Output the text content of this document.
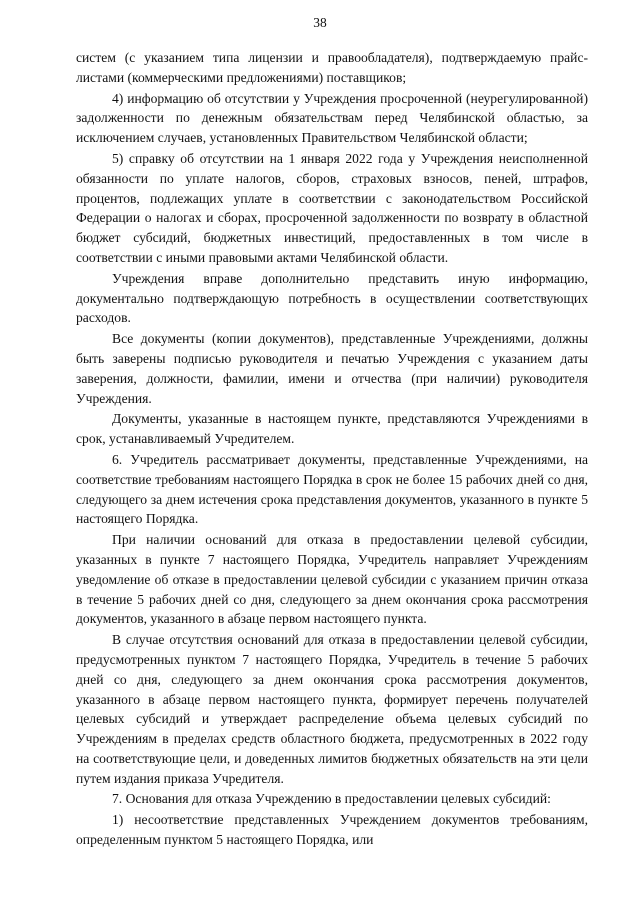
38

систем (с указанием типа лицензии и правообладателя), подтверждаемую прайс-листами (коммерческими предложениями) поставщиков;

4) информацию об отсутствии у Учреждения просроченной (неурегулированной) задолженности по денежным обязательствам перед Челябинской областью, за исключением случаев, установленных Правительством Челябинской области;

5) справку об отсутствии на 1 января 2022 года у Учреждения неисполненной обязанности по уплате налогов, сборов, страховых взносов, пеней, штрафов, процентов, подлежащих уплате в соответствии с законодательством Российской Федерации о налогах и сборах, просроченной задолженности по возврату в областной бюджет субсидий, бюджетных инвестиций, предоставленных в том числе в соответствии с иными правовыми актами Челябинской области.

Учреждения вправе дополнительно представить иную информацию, документально подтверждающую потребность в осуществлении соответствующих расходов.

Все документы (копии документов), представленные Учреждениями, должны быть заверены подписью руководителя и печатью Учреждения с указанием даты заверения, должности, фамилии, имени и отчества (при наличии) руководителя Учреждения.

Документы, указанные в настоящем пункте, представляются Учреждениями в срок, устанавливаемый Учредителем.

6. Учредитель рассматривает документы, представленные Учреждениями, на соответствие требованиям настоящего Порядка в срок не более 15 рабочих дней со дня, следующего за днем истечения срока представления документов, указанного в пункте 5 настоящего Порядка.

При наличии оснований для отказа в предоставлении целевой субсидии, указанных в пункте 7 настоящего Порядка, Учредитель направляет Учреждениям уведомление об отказе в предоставлении целевой субсидии с указанием причин отказа в течение 5 рабочих дней со дня, следующего за днем окончания срока рассмотрения документов, указанного в абзаце первом настоящего пункта.

В случае отсутствия оснований для отказа в предоставлении целевой субсидии, предусмотренных пунктом 7 настоящего Порядка, Учредитель в течение 5 рабочих дней со дня, следующего за днем окончания срока рассмотрения документов, указанного в абзаце первом настоящего пункта, формирует перечень получателей целевых субсидий и утверждает распределение объема целевых субсидий по Учреждениям в пределах средств областного бюджета, предусмотренных в 2022 году на соответствующие цели, и доведенных лимитов бюджетных обязательств на эти цели путем издания приказа Учредителя.

7. Основания для отказа Учреждению в предоставлении целевых субсидий:

1) несоответствие представленных Учреждением документов требованиям, определенным пунктом 5 настоящего Порядка, или
